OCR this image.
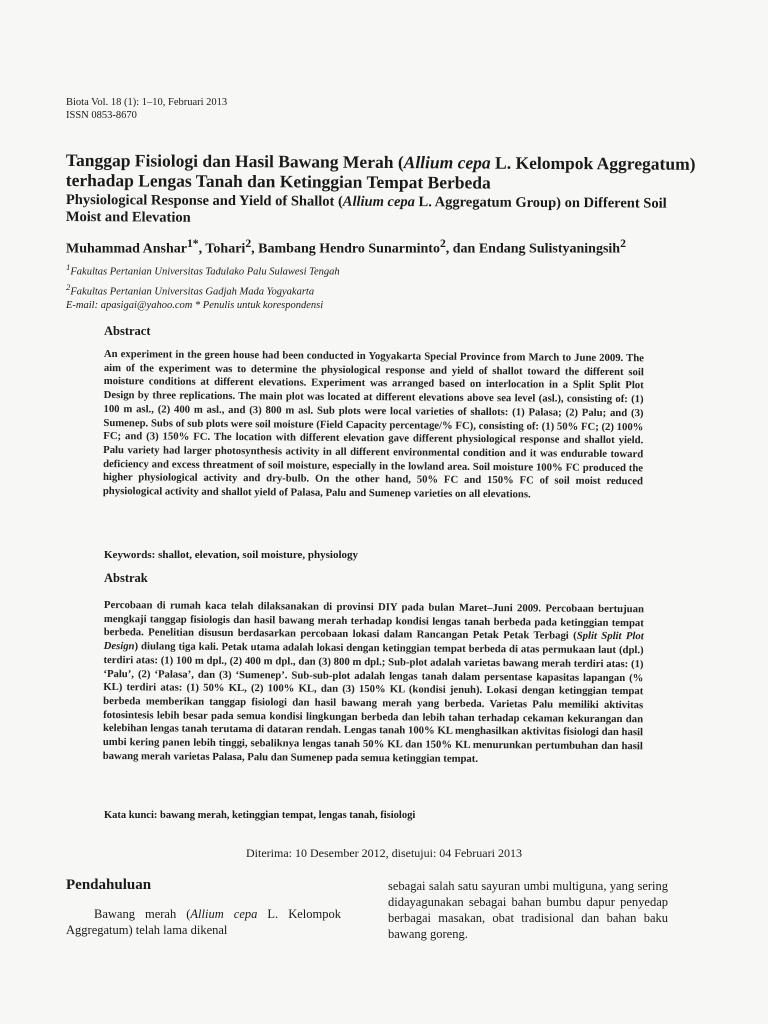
Biota Vol. 18 (1): 1–10, Februari 2013
ISSN 0853-8670
Tanggap Fisiologi dan Hasil Bawang Merah (Allium cepa L. Kelompok Aggregatum) terhadap Lengas Tanah dan Ketinggian Tempat Berbeda
Physiological Response and Yield of Shallot (Allium cepa L. Aggregatum Group) on Different Soil Moist and Elevation
Muhammad Anshar$^{1*}$, Tohari$^2$, Bambang Hendro Sunarminto$^2$, dan Endang Sulistyaningsih$^2$
$^1$Fakultas Pertanian Universitas Tadulako Palu Sulawesi Tengah
$^2$Fakultas Pertanian Universitas Gadjah Mada Yogyakarta
E-mail: apasigai@yahoo.com * Penulis untuk korespondensi
Abstract
An experiment in the green house had been conducted in Yogyakarta Special Province from March to June 2009. The aim of the experiment was to determine the physiological response and yield of shallot toward the different soil moisture conditions at different elevations. Experiment was arranged based on interlocation in a Split Split Plot Design by three replications. The main plot was located at different elevations above sea level (asl.), consisting of: (1) 100 m asl., (2) 400 m asl., and (3) 800 m asl. Sub plots were local varieties of shallots: (1) Palasa; (2) Palu; and (3) Sumenep. Subs of sub plots were soil moisture (Field Capacity percentage/% FC), consisting of: (1) 50% FC; (2) 100% FC; and (3) 150% FC. The location with different elevation gave different physiological response and shallot yield. Palu variety had larger photosynthesis activity in all different environmental condition and it was endurable toward deficiency and excess threatment of soil moisture, especially in the lowland area. Soil moisture 100% FC produced the higher physiological activity and dry-bulb. On the other hand, 50% FC and 150% FC of soil moist reduced physiological activity and shallot yield of Palasa, Palu and Sumenep varieties on all elevations.
Keywords: shallot, elevation, soil moisture, physiology
Abstrak
Percobaan di rumah kaca telah dilaksanakan di provinsi DIY pada bulan Maret–Juni 2009. Percobaan bertujuan mengkaji tanggap fisiologis dan hasil bawang merah terhadap kondisi lengas tanah berbeda pada ketinggian tempat berbeda. Penelitian disusun berdasarkan percobaan lokasi dalam Rancangan Petak Petak Terbagi (Split Split Plot Design) diulang tiga kali. Petak utama adalah lokasi dengan ketinggian tempat berbeda di atas permukaan laut (dpl.) terdiri atas: (1) 100 m dpl., (2) 400 m dpl., dan (3) 800 m dpl.; Sub-plot adalah varietas bawang merah terdiri atas: (1) ‘Palu’, (2) ‘Palasa’, dan (3) ‘Sumenep’. Sub-sub-plot adalah lengas tanah dalam persentase kapasitas lapangan (% KL) terdiri atas: (1) 50% KL, (2) 100% KL, dan (3) 150% KL (kondisi jenuh). Lokasi dengan ketinggian tempat berbeda memberikan tanggap fisiologi dan hasil bawang merah yang berbeda. Varietas Palu memiliki aktivitas fotosintesis lebih besar pada semua kondisi lingkungan berbeda dan lebih tahan terhadap cekaman kekurangan dan kelebihan lengas tanah terutama di dataran rendah. Lengas tanah 100% KL menghasilkan aktivitas fisiologi dan hasil umbi kering panen lebih tinggi, sebaliknya lengas tanah 50% KL dan 150% KL menurunkan pertumbuhan dan hasil bawang merah varietas Palasa, Palu dan Sumenep pada semua ketinggian tempat.
Kata kunci: bawang merah, ketinggian tempat, lengas tanah, fisiologi
Diterima: 10 Desember 2012, disetujui: 04 Februari 2013
Pendahuluan
Bawang merah (Allium cepa L. Kelompok Aggregatum) telah lama dikenal
sebagai salah satu sayuran umbi multiguna, yang sering didayagunakan sebagai bahan bumbu dapur penyedap berbagai masakan, obat tradisional dan bahan baku bawang goreng.
